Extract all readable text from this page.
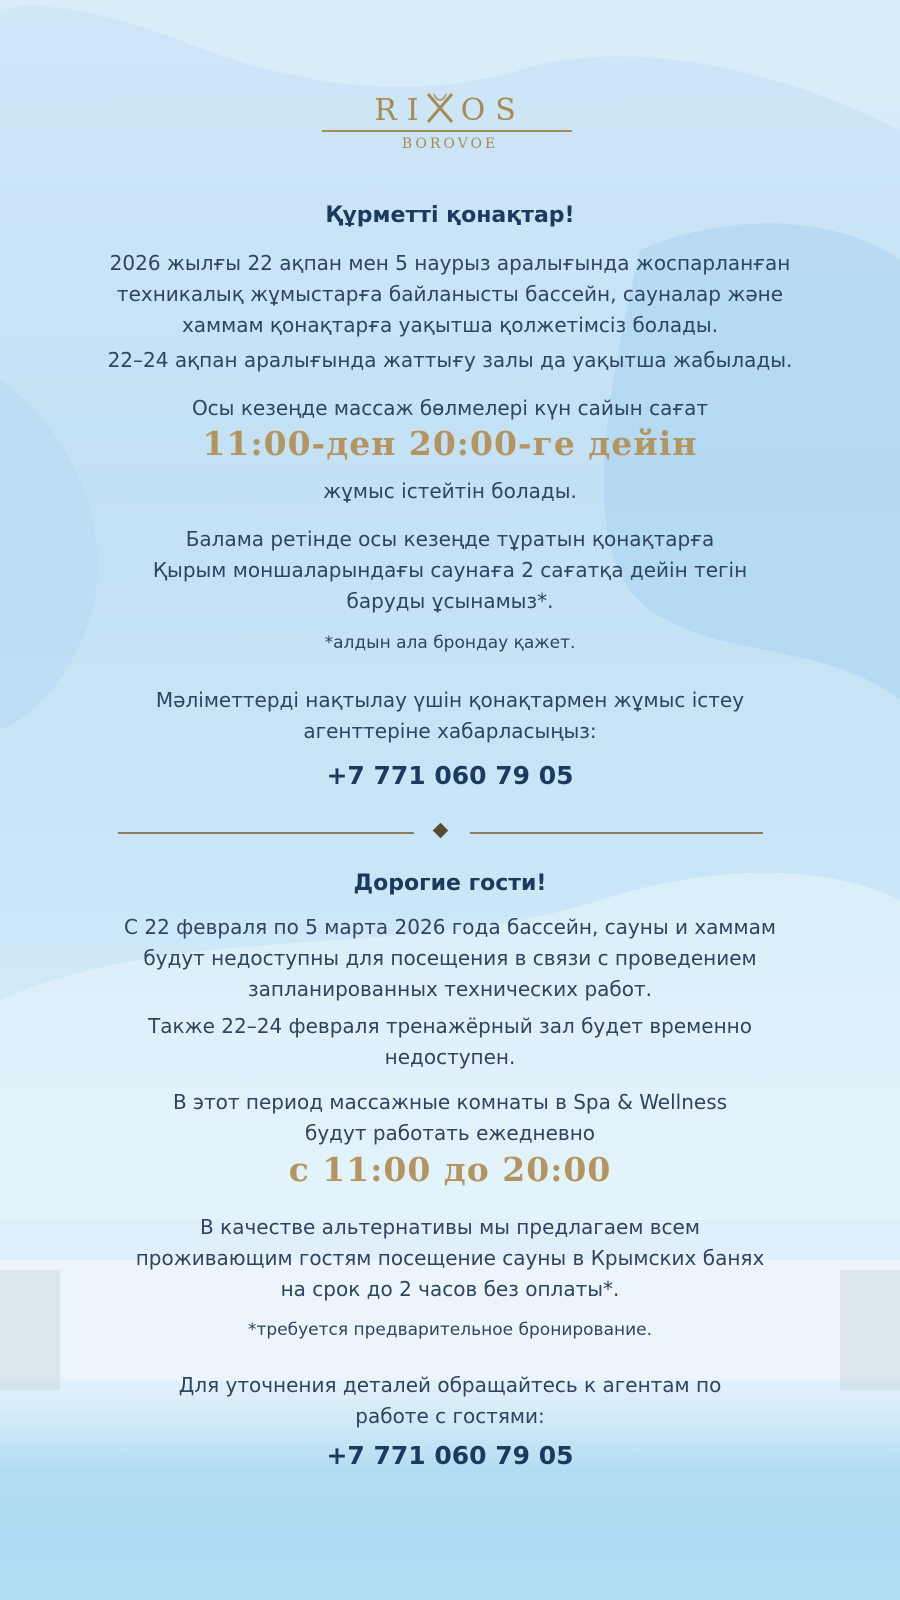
RI OS
BOROVOE
Құрметті қонақтар!
2026 жылғы 22 ақпан мен 5 наурыз аралығында жоспарланған
техникалық жұмыстарға байланысты бассейн, сауналар және
хаммам қонақтарға уақытша қолжетімсіз болады.
22–24 ақпан аралығында жаттығу залы да уақытша жабылады.
Осы кезеңде массаж бөлмелері күн сайын сағат
11:00-ден 20:00-ге дейін
жұмыс істейтін болады.
Балама ретінде осы кезеңде тұратын қонақтарға
Қырым моншаларындағы саунаға 2 сағатқа дейін тегін
баруды ұсынамыз*.
*алдын ала брондау қажет.
Мәліметтерді нақтылау үшін қонақтармен жұмыс істеу
агенттеріне хабарласыңыз:
+7 771 060 79 05
Дорогие гости!
С 22 февраля по 5 марта 2026 года бассейн, сауны и хаммам
будут недоступны для посещения в связи с проведением
запланированных технических работ.
Также 22–24 февраля тренажёрный зал будет временно
недоступен.
В этот период массажные комнаты в Spa & Wellness
будут работать ежедневно
с 11:00 до 20:00
В качестве альтернативы мы предлагаем всем
проживающим гостям посещение сауны в Крымских банях
на срок до 2 часов без оплаты*.
*требуется предварительное бронирование.
Для уточнения деталей обращайтесь к агентам по
работе с гостями:
+7 771 060 79 05
